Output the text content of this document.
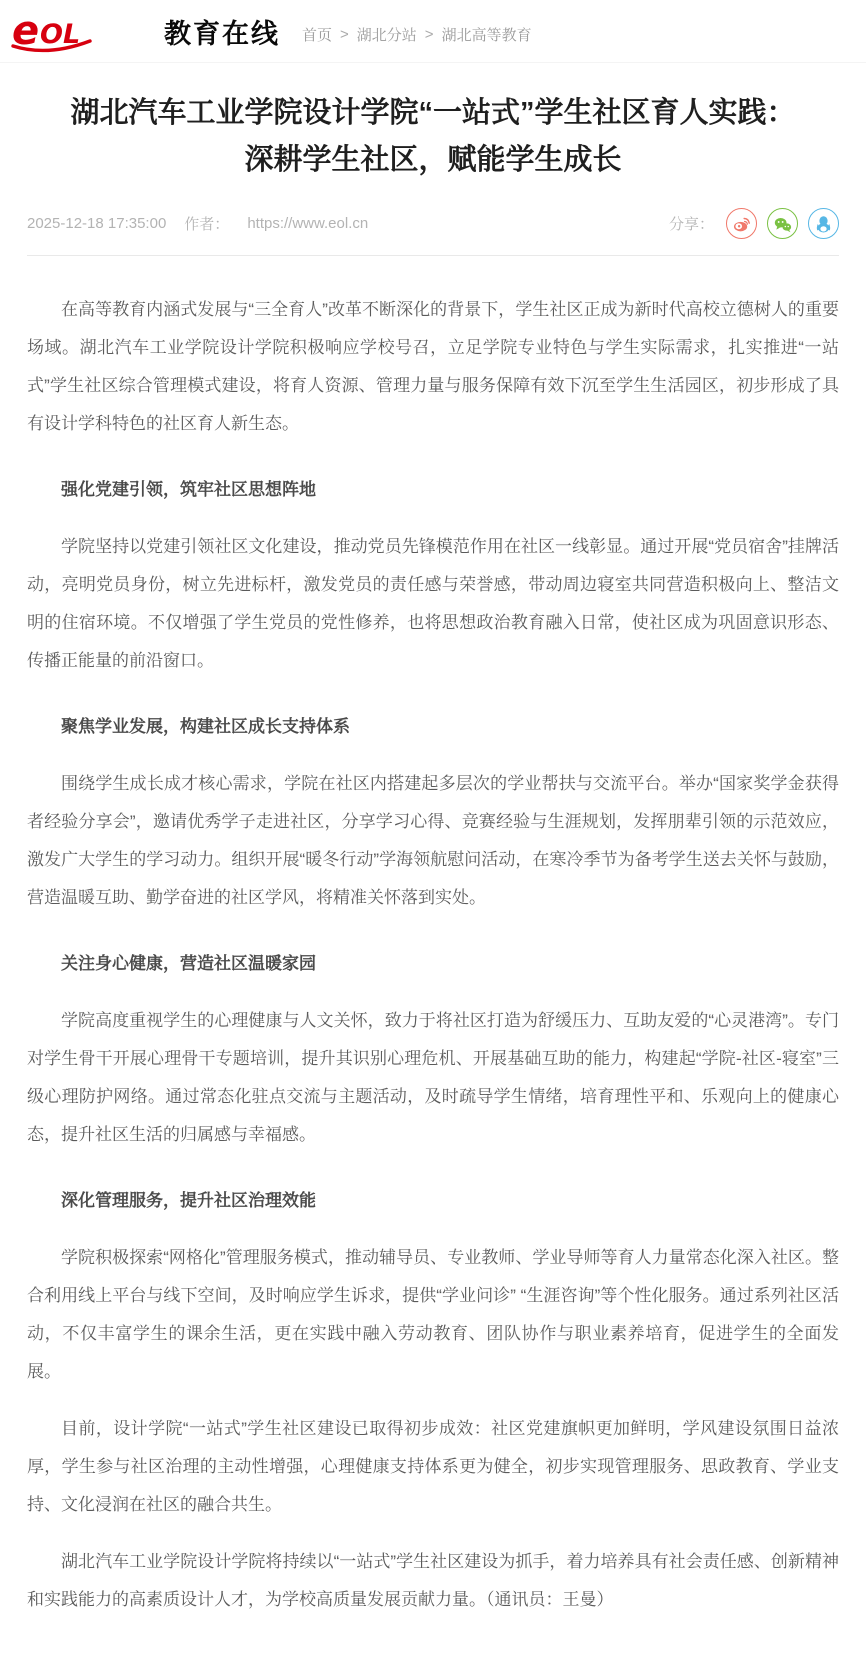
e OL	教育在线 首页 > 湖北分站 > 湖北高等教育
湖北汽车工业学院设计学院“一站式”学生社区育人实践：
深耕学生社区，赋能学生成长
2025-12-18 17:35:00 作者： https://www.eol.cn	分享：

在高等教育内涵式发展与“三全育人”改革不断深化的背景下，学生社区正成为新时代高校立德树人的重要场域。湖北汽车工业学院设计学院积极响应学校号召，立足学院专业特色与学生实际需求，扎实推进“一站式”学生社区综合管理模式建设，将育人资源、管理力量与服务保障有效下沉至学生生活园区，初步形成了具有设计学科特色的社区育人新生态。

强化党建引领，筑牢社区思想阵地

学院坚持以党建引领社区文化建设，推动党员先锋模范作用在社区一线彰显。通过开展“党员宿舍”挂牌活动，亮明党员身份，树立先进标杆，激发党员的责任感与荣誉感，带动周边寝室共同营造积极向上、整洁文明的住宿环境。不仅增强了学生党员的党性修养，也将思想政治教育融入日常，使社区成为巩固意识形态、传播正能量的前沿窗口。

聚焦学业发展，构建社区成长支持体系

围绕学生成长成才核心需求，学院在社区内搭建起多层次的学业帮扶与交流平台。举办“国家奖学金获得者经验分享会”，邀请优秀学子走进社区，分享学习心得、竞赛经验与生涯规划，发挥朋辈引领的示范效应，激发广大学生的学习动力。组织开展“暖冬行动”学海领航慰问活动，在寒冷季节为备考学生送去关怀与鼓励，营造温暖互助、勤学奋进的社区学风，将精准关怀落到实处。

关注身心健康，营造社区温暖家园

学院高度重视学生的心理健康与人文关怀，致力于将社区打造为舒缓压力、互助友爱的“心灵港湾”。专门对学生骨干开展心理骨干专题培训，提升其识别心理危机、开展基础互助的能力，构建起“学院-社区-寝室”三级心理防护网络。通过常态化驻点交流与主题活动，及时疏导学生情绪，培育理性平和、乐观向上的健康心态，提升社区生活的归属感与幸福感。

深化管理服务，提升社区治理效能

学院积极探索“网格化”管理服务模式，推动辅导员、专业教师、学业导师等育人力量常态化深入社区。整合利用线上平台与线下空间，及时响应学生诉求，提供“学业问诊” “生涯咨询”等个性化服务。通过系列社区活动，不仅丰富学生的课余生活，更在实践中融入劳动教育、团队协作与职业素养培育，促进学生的全面发展。

目前，设计学院“一站式”学生社区建设已取得初步成效：社区党建旗帜更加鲜明，学风建设氛围日益浓厚，学生参与社区治理的主动性增强，心理健康支持体系更为健全，初步实现管理服务、思政教育、学业支持、文化浸润在社区的融合共生。

湖北汽车工业学院设计学院将持续以“一站式”学生社区建设为抓手，着力培养具有社会责任感、创新精神和实践能力的高素质设计人才，为学校高质量发展贡献力量。（通讯员：王曼）
